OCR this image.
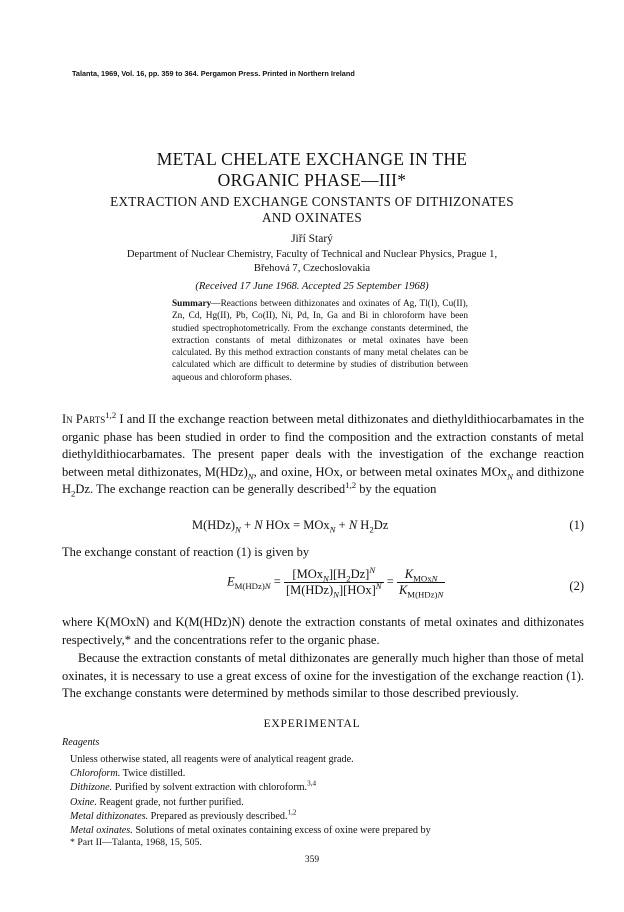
Talanta, 1969, Vol. 16, pp. 359 to 364. Pergamon Press. Printed in Northern Ireland
METAL CHELATE EXCHANGE IN THE
ORGANIC PHASE—III*
EXTRACTION AND EXCHANGE CONSTANTS OF DITHIZONATES
AND OXINATES
Jiří Starý
Department of Nuclear Chemistry, Faculty of Technical and Nuclear Physics, Prague 1,
Břehová 7, Czechoslovakia
(Received 17 June 1968. Accepted 25 September 1968)
Summary—Reactions between dithizonates and oxinates of Ag, Tl(I), Cu(II), Zn, Cd, Hg(II), Pb, Co(II), Ni, Pd, In, Ga and Bi in chloroform have been studied spectrophotometrically. From the exchange constants determined, the extraction constants of metal dithizonates or metal oxinates have been calculated. By this method extraction constants of many metal chelates can be calculated which are difficult to determine by studies of distribution between aqueous and chloroform phases.
In Parts$^{1,2}$ I and II the exchange reaction between metal dithizonates and diethyldithiocarbamates in the organic phase has been studied in order to find the composition and the extraction constants of metal diethyldithiocarbamates. The present paper deals with the investigation of the exchange reaction between metal dithizonates, $M(HDz)_N$, and oxine, HOx, or between metal oxinates MOx$_N$ and dithizone $H_2Dz$. The exchange reaction can be generally described$^{1,2}$ by the equation
$M(HDz)_N + N$ HOx = MOx$_N$ + N $H_2Dz$	(1)
The exchange constant of reaction (1) is given by
$E_{M(HDz)N} = \frac{[MOx_N][H_2Dz]^N}{[M(HDz)_N][HOx]^N} = \frac{K_{MOxN}}{K_{M(HDz)N}}$	(2)
where K(MOxN) and K(M(HDz)N) denote the extraction constants of metal oxinates and dithizonates respectively,* and the concentrations refer to the organic phase.
Because the extraction constants of metal dithizonates are generally much higher than those of metal oxinates, it is necessary to use a great excess of oxine for the investigation of the exchange reaction (1). The exchange constants were determined by methods similar to those described previously.
EXPERIMENTAL
Reagents
Unless otherwise stated, all reagents were of analytical reagent grade.
Chloroform. Twice distilled.
Dithizone. Purified by solvent extraction with chloroform.$^{3,4}$
Oxine. Reagent grade, not further purified.
Metal dithizonates. Prepared as previously described.$^{1,2}$
Metal oxinates. Solutions of metal oxinates containing excess of oxine were prepared by
* Part II—Talanta, 1968, 15, 505.
359
